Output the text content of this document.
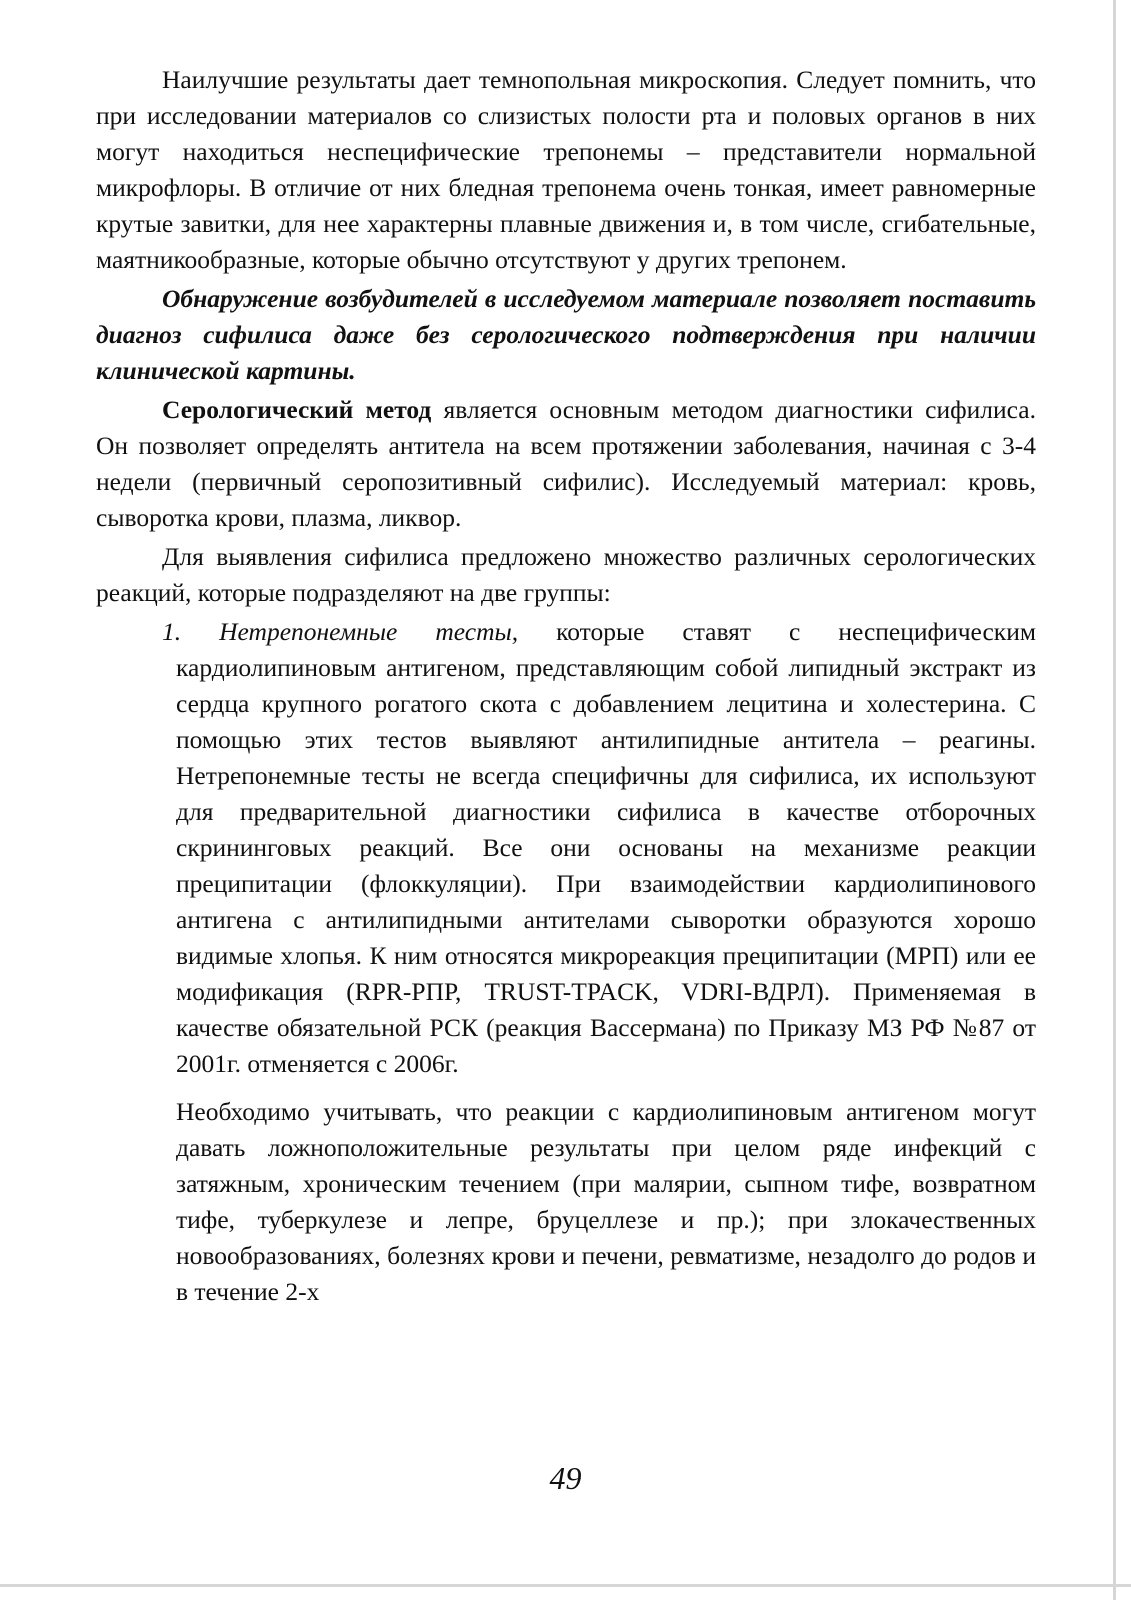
Наилучшие результаты дает темнопольная микроскопия. Следует помнить, что при исследовании материалов со слизистых полости рта и половых органов в них могут находиться неспецифические трепонемы – представители нормальной микрофлоры. В отличие от них бледная трепонема очень тонкая, имеет равномерные крутые завитки, для нее характерны плавные движения и, в том числе, сгибательные, маятникообразные, которые обычно отсутствуют у других трепонем.

Обнаружение возбудителей в исследуемом материале позволяет поставить диагноз сифилиса даже без серологического подтверждения при наличии клинической картины.

Серологический метод является основным методом диагностики сифилиса. Он позволяет определять антитела на всем протяжении заболевания, начиная с 3-4 недели (первичный серопозитивный сифилис). Исследуемый материал: кровь, сыворотка крови, плазма, ликвор.

Для выявления сифилиса предложено множество различных серологических реакций, которые подразделяют на две группы:

1. Нетрепонемные тесты, которые ставят с неспецифическим кардиолипиновым антигеном, представляющим собой липидный экстракт из сердца крупного рогатого скота с добавлением лецитина и холестерина. С помощью этих тестов выявляют антилипидные антитела – реагины. Нетрепонемные тесты не всегда специфичны для сифилиса, их используют для предварительной диагностики сифилиса в качестве отборочных скрининговых реакций. Все они основаны на механизме реакции преципитации (флоккуляции). При взаимодействии кардиолипинового антигена с антилипидными антителами сыворотки образуются хорошо видимые хлопья. К ним относятся микрореакция преципитации (МРП) или ее модификация (RPR-РПР, TRUST-TPACK, VDRI-ВДРЛ). Применяемая в качестве обязательной РСК (реакция Вассермана) по Приказу МЗ РФ №87 от 2001г. отменяется с 2006г.

Необходимо учитывать, что реакции с кардиолипиновым антигеном могут давать ложноположительные результаты при целом ряде инфекций с затяжным, хроническим течением (при малярии, сыпном тифе, возвратном тифе, туберкулезе и лепре, бруцеллезе и пр.); при злокачественных новообразованиях, болезнях крови и печени, ревматизме, незадолго до родов и в течение 2-х

49
